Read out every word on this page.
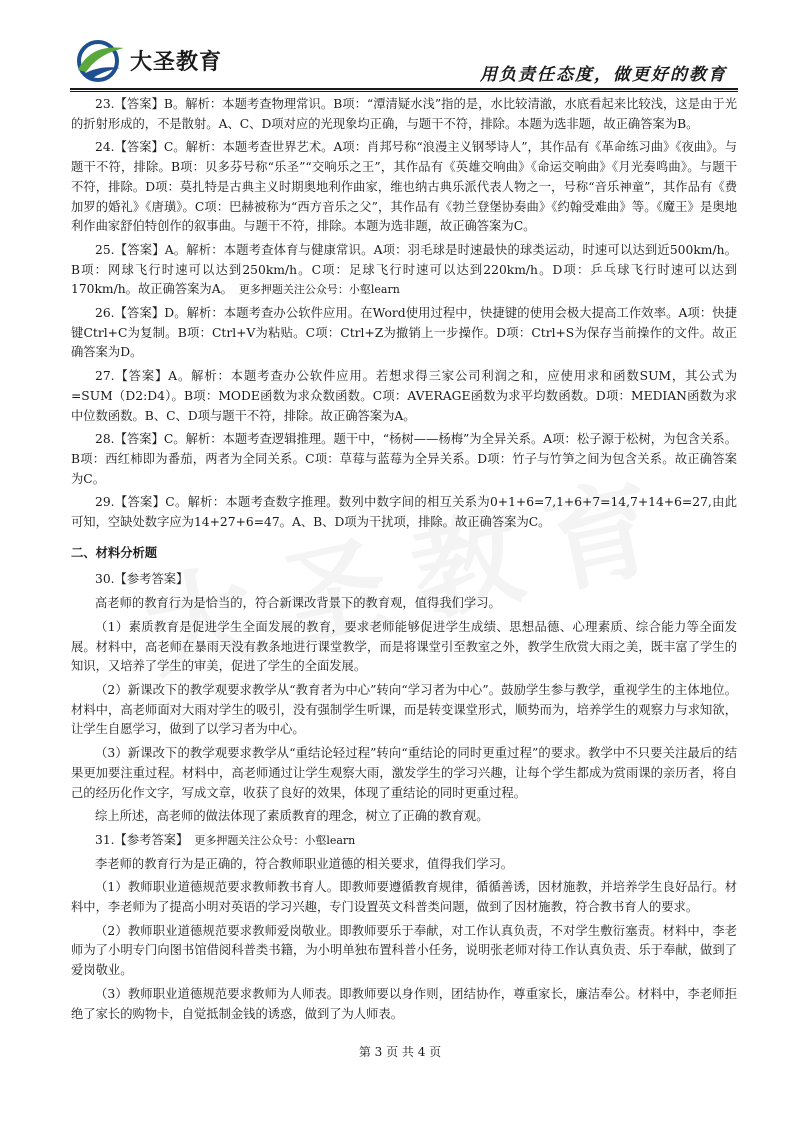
大圣教育	用负责任态度，做更好的教育

23.【答案】B。解析：本题考查物理常识。B项：“潭清疑水浅”指的是，水比较清澈，水底看起来比较浅，这是由于光的折射形成的，不是散射。A、C、D项对应的光现象均正确，与题干不符，排除。本题为选非题，故正确答案为B。

24.【答案】C。解析：本题考查世界艺术。A项：肖邦号称“浪漫主义钢琴诗人”，其作品有《革命练习曲》《夜曲》。与题干不符，排除。B项：贝多芬号称“乐圣”“交响乐之王”，其作品有《英雄交响曲》《命运交响曲》《月光奏鸣曲》。与题干不符，排除。D项：莫扎特是古典主义时期奥地利作曲家，维也纳古典乐派代表人物之一，号称“音乐神童”，其作品有《费加罗的婚礼》《唐璜》。C项：巴赫被称为“西方音乐之父”，其作品有《勃兰登堡协奏曲》《约翰受难曲》等。《魔王》是奥地利作曲家舒伯特创作的叙事曲。与题干不符，排除。本题为选非题，故正确答案为C。

25.【答案】A。解析：本题考查体育与健康常识。A项：羽毛球是时速最快的球类运动，时速可以达到近500km/h。B项：网球飞行时速可以达到250km/h。C项：足球飞行时速可以达到220km/h。D项：乒乓球飞行时速可以达到170km/h。故正确答案为A。 更多押题关注公众号：小壑learn

26.【答案】D。解析：本题考查办公软件应用。在Word使用过程中，快捷键的使用会极大提高工作效率。A项：快捷键Ctrl+C为复制。B项：Ctrl+V为粘贴。C项：Ctrl+Z为撤销上一步操作。D项：Ctrl+S为保存当前操作的文件。故正确答案为D。

27.【答案】A。解析：本题考查办公软件应用。若想求得三家公司利润之和，应使用求和函数SUM，其公式为=SUM（D2:D4）。B项：MODE函数为求众数函数。C项：AVERAGE函数为求平均数函数。D项：MEDIAN函数为求中位数函数。B、C、D项与题干不符，排除。故正确答案为A。

28.【答案】C。解析：本题考查逻辑推理。题干中，“杨树——杨梅”为全异关系。A项：松子源于松树，为包含关系。B项：西红柿即为番茄，两者为全同关系。C项：草莓与蓝莓为全异关系。D项：竹子与竹笋之间为包含关系。故正确答案为C。

29.【答案】C。解析：本题考查数字推理。数列中数字间的相互关系为0+1+6=7,1+6+7=14,7+14+6=27,由此可知，空缺处数字应为14+27+6=47。A、B、D项为干扰项，排除。故正确答案为C。

二、材料分析题

30.【参考答案】

高老师的教育行为是恰当的，符合新课改背景下的教育观，值得我们学习。

（1）素质教育是促进学生全面发展的教育，要求老师能够促进学生成绩、思想品德、心理素质、综合能力等全面发展。材料中，高老师在暴雨天没有教条地进行课堂教学，而是将课堂引至教室之外，教学生欣赏大雨之美，既丰富了学生的知识，又培养了学生的审美，促进了学生的全面发展。

（2）新课改下的教学观要求教学从“教育者为中心”转向“学习者为中心”。鼓励学生参与教学，重视学生的主体地位。材料中，高老师面对大雨对学生的吸引，没有强制学生听课，而是转变课堂形式，顺势而为，培养学生的观察力与求知欲，让学生自愿学习，做到了以学习者为中心。

（3）新课改下的教学观要求教学从“重结论轻过程”转向“重结论的同时更重过程”的要求。教学中不只要关注最后的结果更加要注重过程。材料中，高老师通过让学生观察大雨，激发学生的学习兴趣，让每个学生都成为赏雨课的亲历者，将自己的经历化作文字，写成文章，收获了良好的效果，体现了重结论的同时更重过程。

综上所述，高老师的做法体现了素质教育的理念，树立了正确的教育观。

31.【参考答案】 更多押题关注公众号：小壑learn

李老师的教育行为是正确的，符合教师职业道德的相关要求，值得我们学习。

（1）教师职业道德规范要求教师教书育人。即教师要遵循教育规律，循循善诱，因材施教，并培养学生良好品行。材料中，李老师为了提高小明对英语的学习兴趣，专门设置英文科普类问题，做到了因材施教，符合教书育人的要求。

（2）教师职业道德规范要求教师爱岗敬业。即教师要乐于奉献，对工作认真负责，不对学生敷衍塞责。材料中，李老师为了小明专门向图书馆借阅科普类书籍，为小明单独布置科普小任务，说明张老师对待工作认真负责、乐于奉献，做到了爱岗敬业。

（3）教师职业道德规范要求教师为人师表。即教师要以身作则，团结协作，尊重家长，廉洁奉公。材料中，李老师拒绝了家长的购物卡，自觉抵制金钱的诱惑，做到了为人师表。

第 3 页 共 4 页
